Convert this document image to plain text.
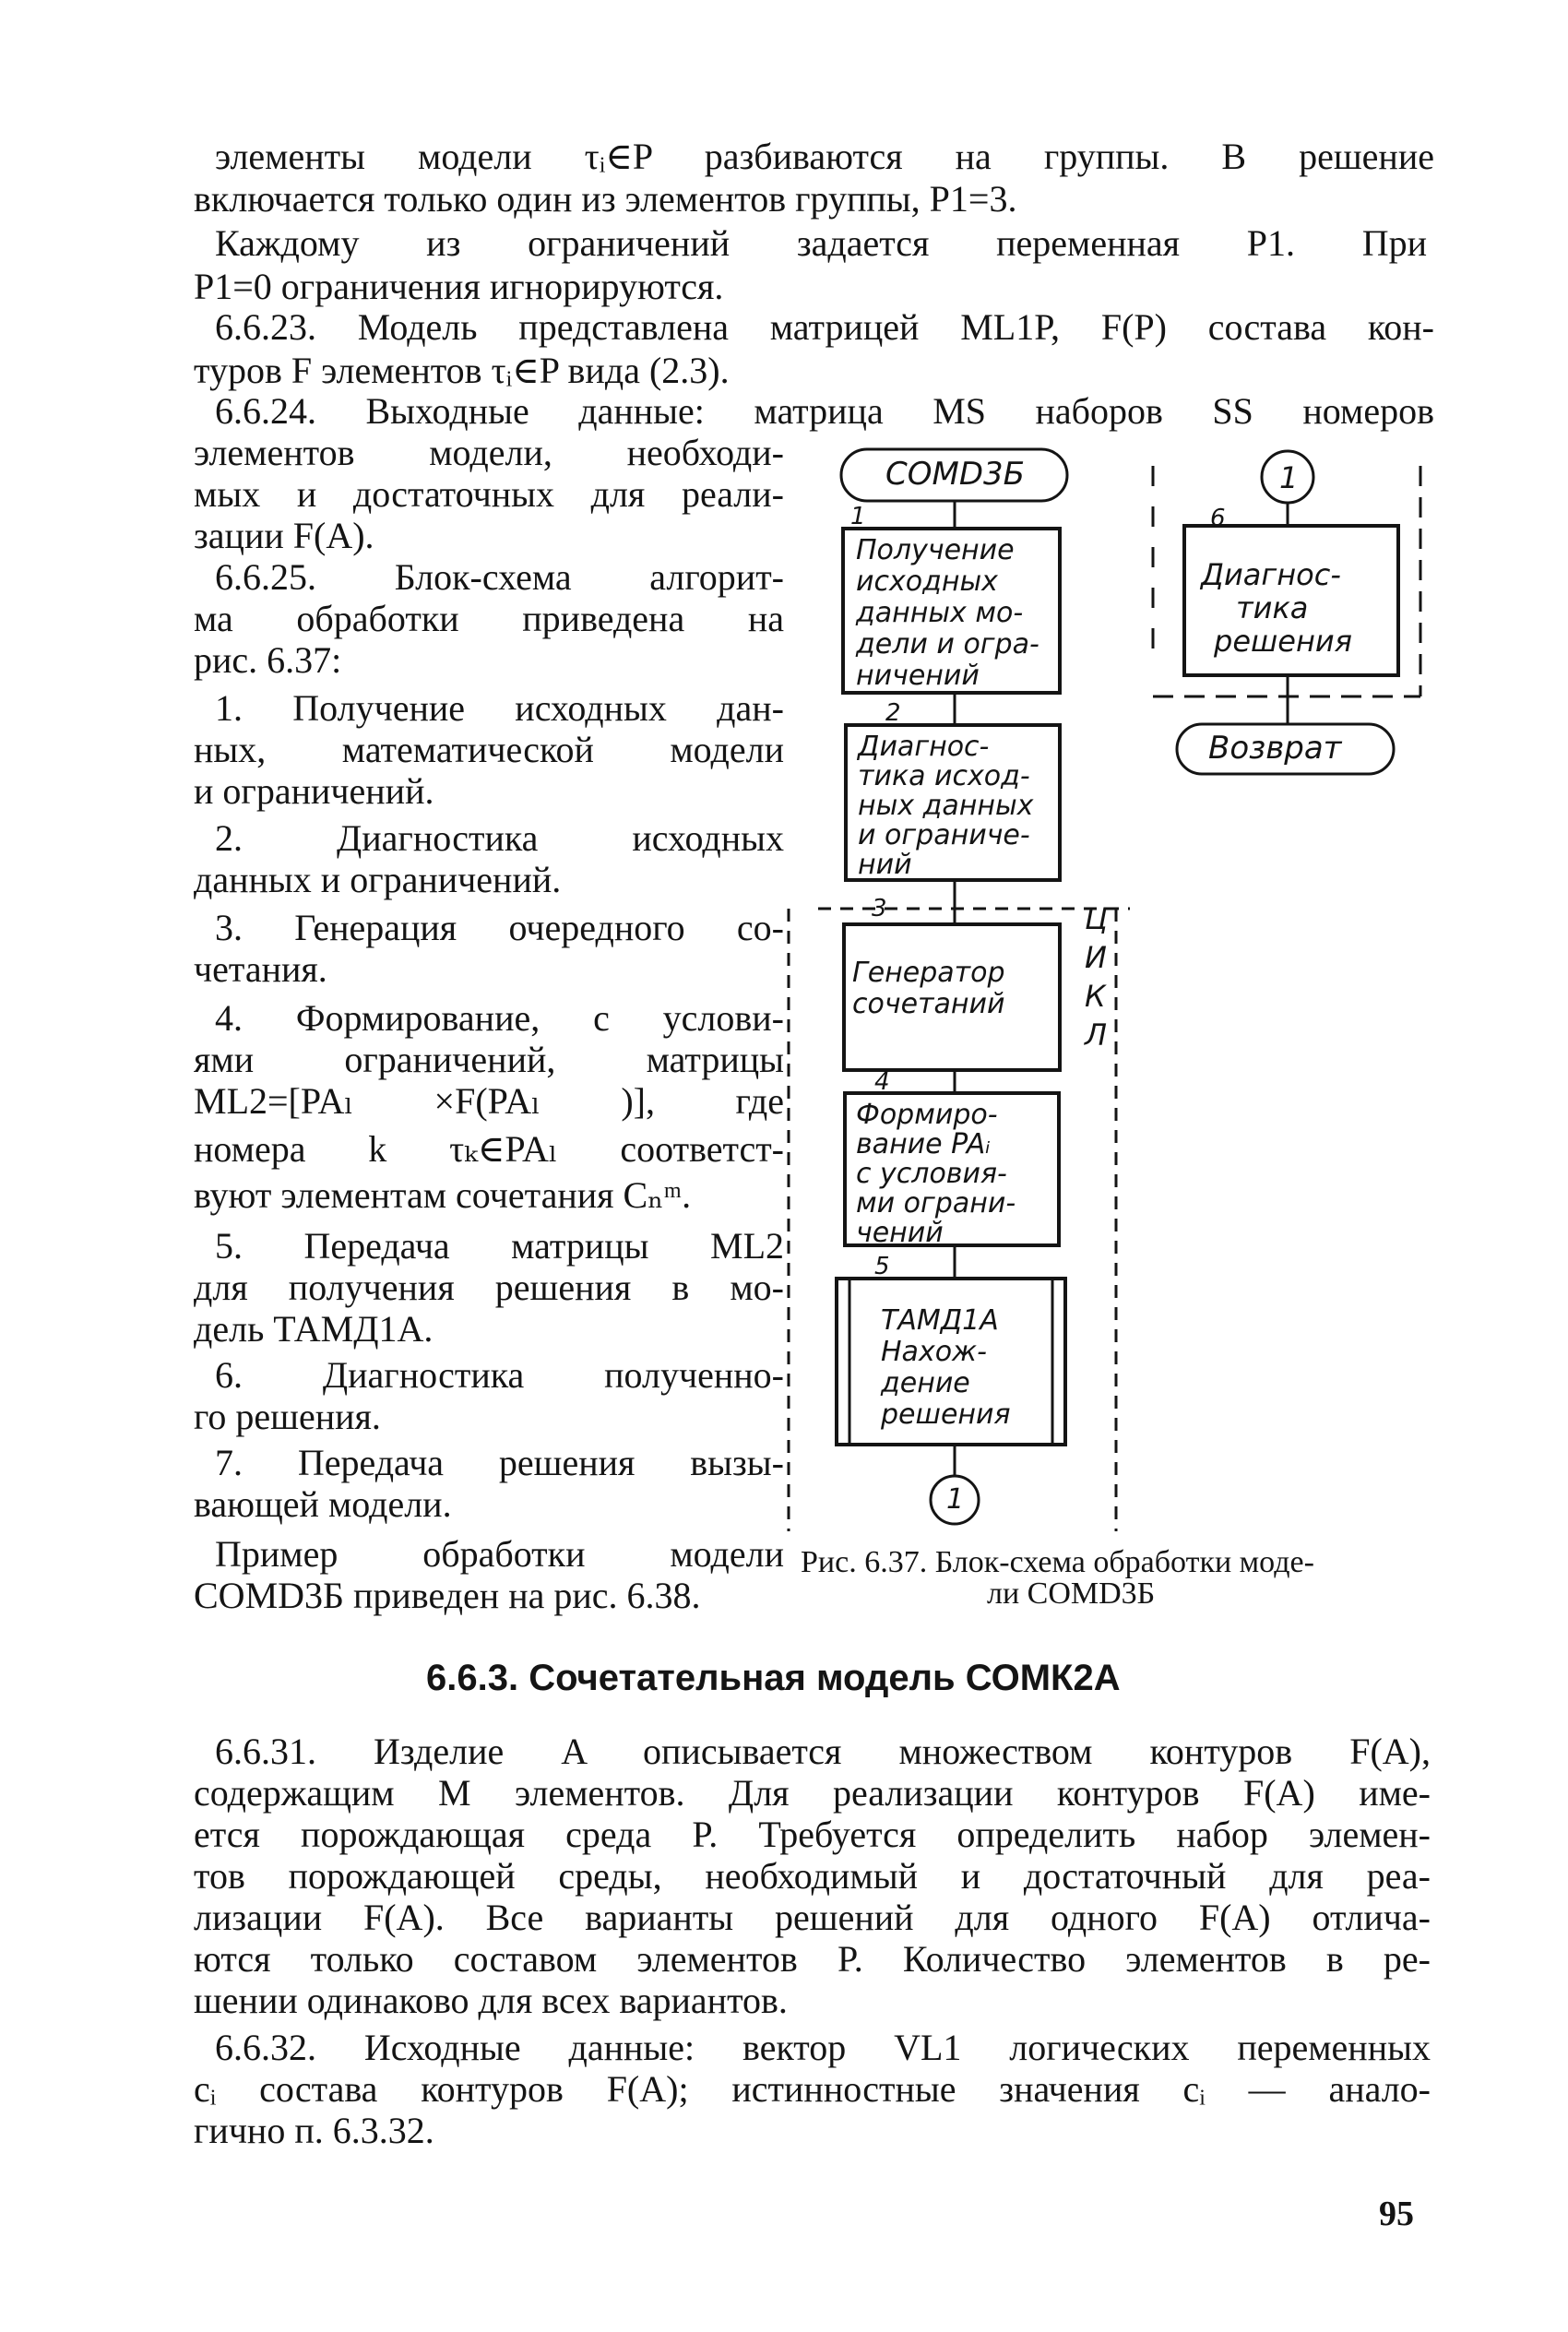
элементы модели τᵢ∈P разбиваются на группы. В решение
включается только один из элементов группы, P1=3.
Каждому из ограничений задается переменная P1. При
P1=0 ограничения игнорируются.
6.6.23. Модель представлена матрицей ML1P, F(P) состава кон-
туров F элементов τᵢ∈P вида (2.3).
6.6.24. Выходные данные: матрица MS наборов SS номеров
элементов модели, необходи-
мых и достаточных для реали-
зации F(A).
6.6.25. Блок-схема алгорит-
ма обработки приведена на
рис. 6.37:
1. Получение исходных дан-
ных, математической модели
и ограничений.
2. Диагностика исходных
данных и ограничений.
3. Генерация очередного со-
четания.
4. Формирование, с услови-
ями ограничений, матрицы
ML2=[PAₗ ×F(PAₗ )], где
номера k τₖ∈PAₗ соответст-
вуют элементам сочетания Cₙᵐ.
5. Передача матрицы ML2
для получения решения в мо-
дель ТАМД1А.
6. Диагностика полученно-
го решения.
7. Передача решения вызы-
вающей модели.
Пример обработки модели
COMD3Б приведен на рис. 6.38.
COMD3Б
1
Получение
исходных
данных мо-
дели и огра-
ничений
2
Диагнос-
тика исход-
ных данных
и ограниче-
ний
Ц
И
К
Л
3
Генератор
сочетаний
4
Формиро-
вание PAᵢ
с условия-
ми ограни-
чений
5
ТАМД1А
Нахож-
дение
решения
1
1
6
Диагнос-
тика
решения
Возврат
Рис. 6.37. Блок-схема обработки моде-
ли COMD3Б
6.6.3. Сочетательная модель СОМК2А
6.6.31. Изделие A описывается множеством контуров F(A),
содержащим M элементов. Для реализации контуров F(A) име-
ется порождающая среда P. Требуется определить набор элемен-
тов порождающей среды, необходимый и достаточный для реа-
лизации F(A). Все варианты решений для одного F(A) отлича-
ются только составом элементов P. Количество элементов в ре-
шении одинаково для всех вариантов.
6.6.32. Исходные данные: вектор VL1 логических переменных
cᵢ состава контуров F(A); истинностные значения cᵢ — анало-
гично п. 6.3.32.
95
